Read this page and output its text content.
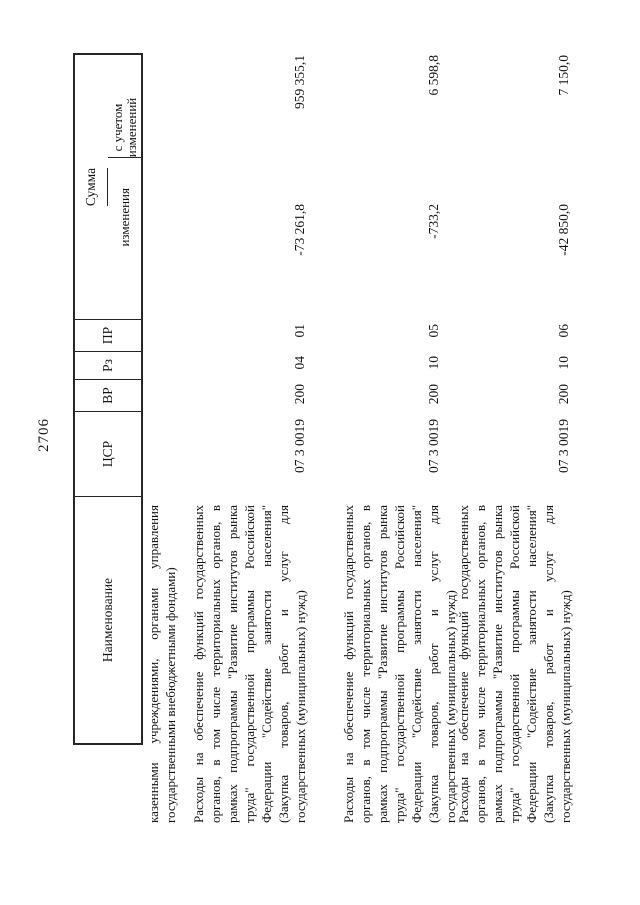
2706
Наименование
ЦСР
ВР
Рз
ПР
Сумма
изменения
с учетом изменений
казенными учреждениями, органами управления государственными внебюджетными фондами) Расходы на обеспечение функций государственных органов, в том числе территориальных органов, в рамках подпрограммы "Развитие институтов рынка труда" государственной программы Российской Федерации "Содействие занятости населения" (Закупка товаров, работ и услуг для государственных (муниципальных) нужд)
07 3 0019
200
04
01
-73 261,8
959 355,1
Расходы на обеспечение функций государственных органов, в том числе территориальных органов, в рамках подпрограммы "Развитие институтов рынка труда" государственной программы Российской Федерации "Содействие занятости населения" (Закупка товаров, работ и услуг для государственных (муниципальных) нужд)
07 3 0019
200
10
05
-733,2
6 598,8
Расходы на обеспечение функций государственных органов, в том числе территориальных органов, в рамках подпрограммы "Развитие институтов рынка труда" государственной программы Российской Федерации "Содействие занятости населения" (Закупка товаров, работ и услуг для государственных (муниципальных) нужд)
07 3 0019
200
10
06
-42 850,0
7 150,0
